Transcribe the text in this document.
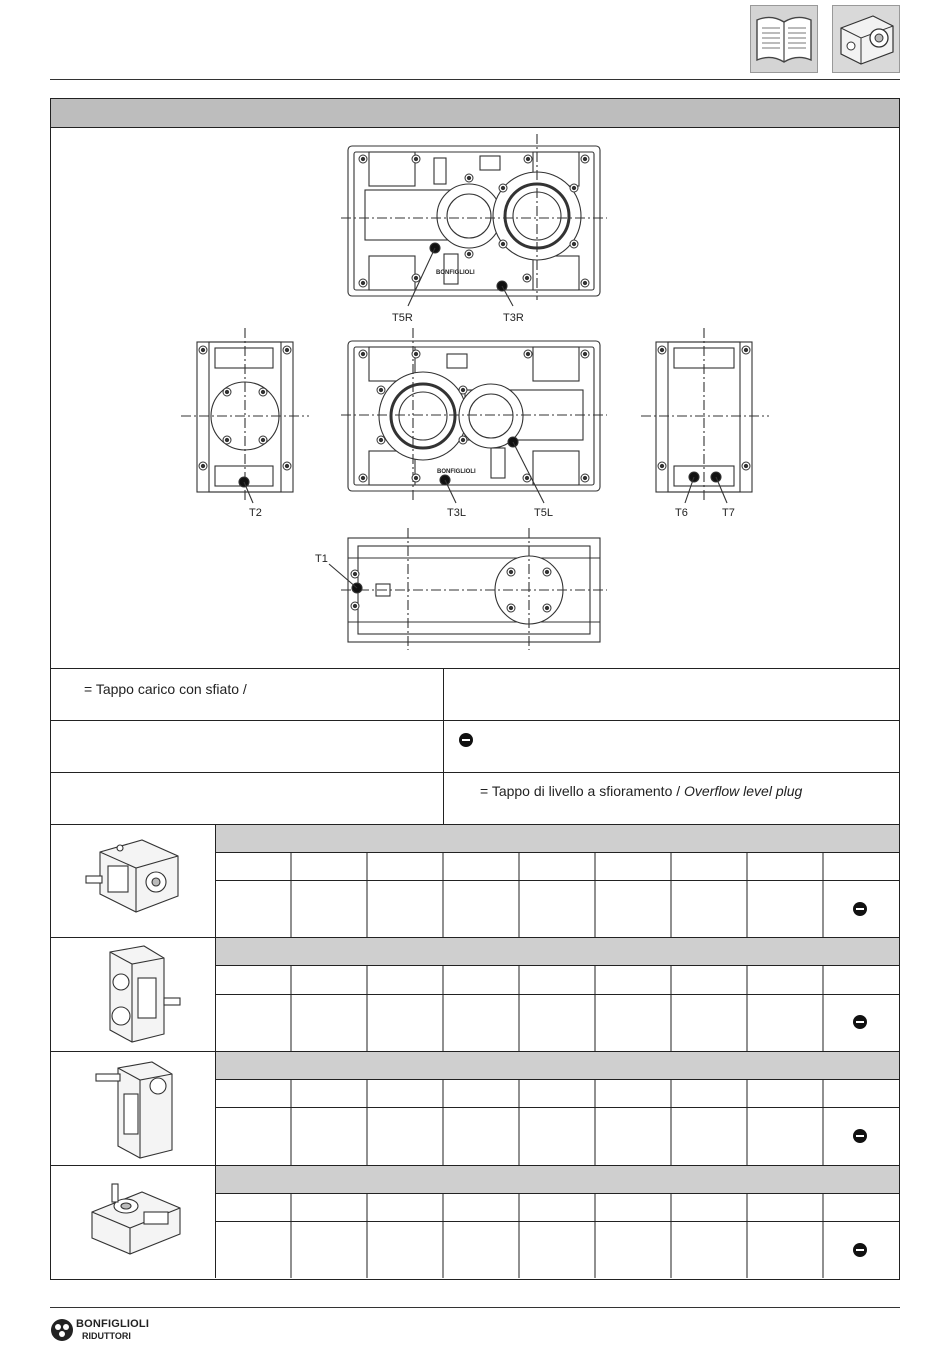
BONFIGLIOLI
T5R	T3R
T2
BONFIGLIOLI
T3L	T5L	T6	T7
T1
= Tappo carico con sfiato /
= Tappo di livello a sfioramento / Overflow level plug
BONFIGLIOLI
RIDUTTORI
